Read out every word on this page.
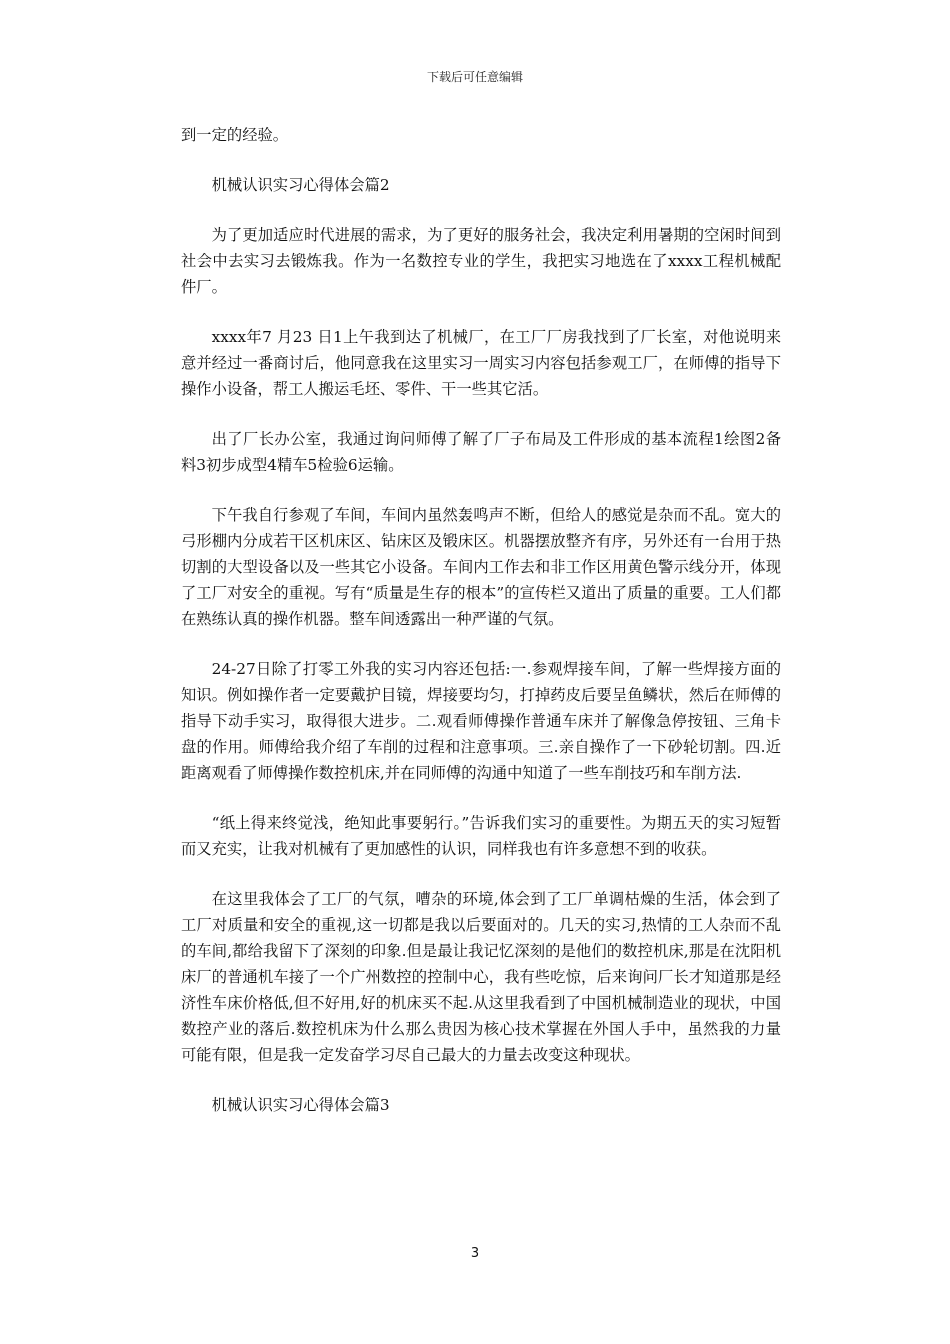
下载后可任意编辑

到一定的经验。

机械认识实习心得体会篇2

为了更加适应时代进展的需求，为了更好的服务社会，我决定利用暑期的空闲时间到社会中去实习去锻炼我。作为一名数控专业的学生，我把实习地选在了xxxx工程机械配件厂。

xxxx年7 月23 日1上午我到达了机械厂，在工厂厂房我找到了厂长室，对他说明来意并经过一番商讨后，他同意我在这里实习一周实习内容包括参观工厂，在师傅的指导下操作小设备，帮工人搬运毛坯、零件、干一些其它活。

出了厂长办公室，我通过询问师傅了解了厂子布局及工件形成的基本流程1绘图2备料3初步成型4精车5检验6运输。

下午我自行参观了车间，车间内虽然轰鸣声不断，但给人的感觉是杂而不乱。宽大的弓形棚内分成若干区机床区、钻床区及锻床区。机器摆放整齐有序，另外还有一台用于热切割的大型设备以及一些其它小设备。车间内工作去和非工作区用黄色警示线分开，体现了工厂对安全的重视。写有“质量是生存的根本”的宣传栏又道出了质量的重要。工人们都在熟练认真的操作机器。整车间透露出一种严谨的气氛。

24-27日除了打零工外我的实习内容还包括:一.参观焊接车间，了解一些焊接方面的知识。例如操作者一定要戴护目镜，焊接要均匀，打掉药皮后要呈鱼鳞状，然后在师傅的指导下动手实习，取得很大进步。二.观看师傅操作普通车床并了解像急停按钮、三角卡盘的作用。师傅给我介绍了车削的过程和注意事项。三.亲自操作了一下砂轮切割。四.近距离观看了师傅操作数控机床,并在同师傅的沟通中知道了一些车削技巧和车削方法.

“纸上得来终觉浅，绝知此事要躬行。”告诉我们实习的重要性。为期五天的实习短暂而又充实，让我对机械有了更加感性的认识，同样我也有许多意想不到的收获。

在这里我体会了工厂的气氛，嘈杂的环境,体会到了工厂单调枯燥的生活，体会到了工厂对质量和安全的重视,这一切都是我以后要面对的。几天的实习,热情的工人杂而不乱的车间,都给我留下了深刻的印象.但是最让我记忆深刻的是他们的数控机床,那是在沈阳机床厂的普通机车接了一个广州数控的控制中心，我有些吃惊，后来询问厂长才知道那是经济性车床价格低,但不好用,好的机床买不起.从这里我看到了中国机械制造业的现状，中国数控产业的落后.数控机床为什么那么贵因为核心技术掌握在外国人手中，虽然我的力量可能有限，但是我一定发奋学习尽自己最大的力量去改变这种现状。

机械认识实习心得体会篇3

3
